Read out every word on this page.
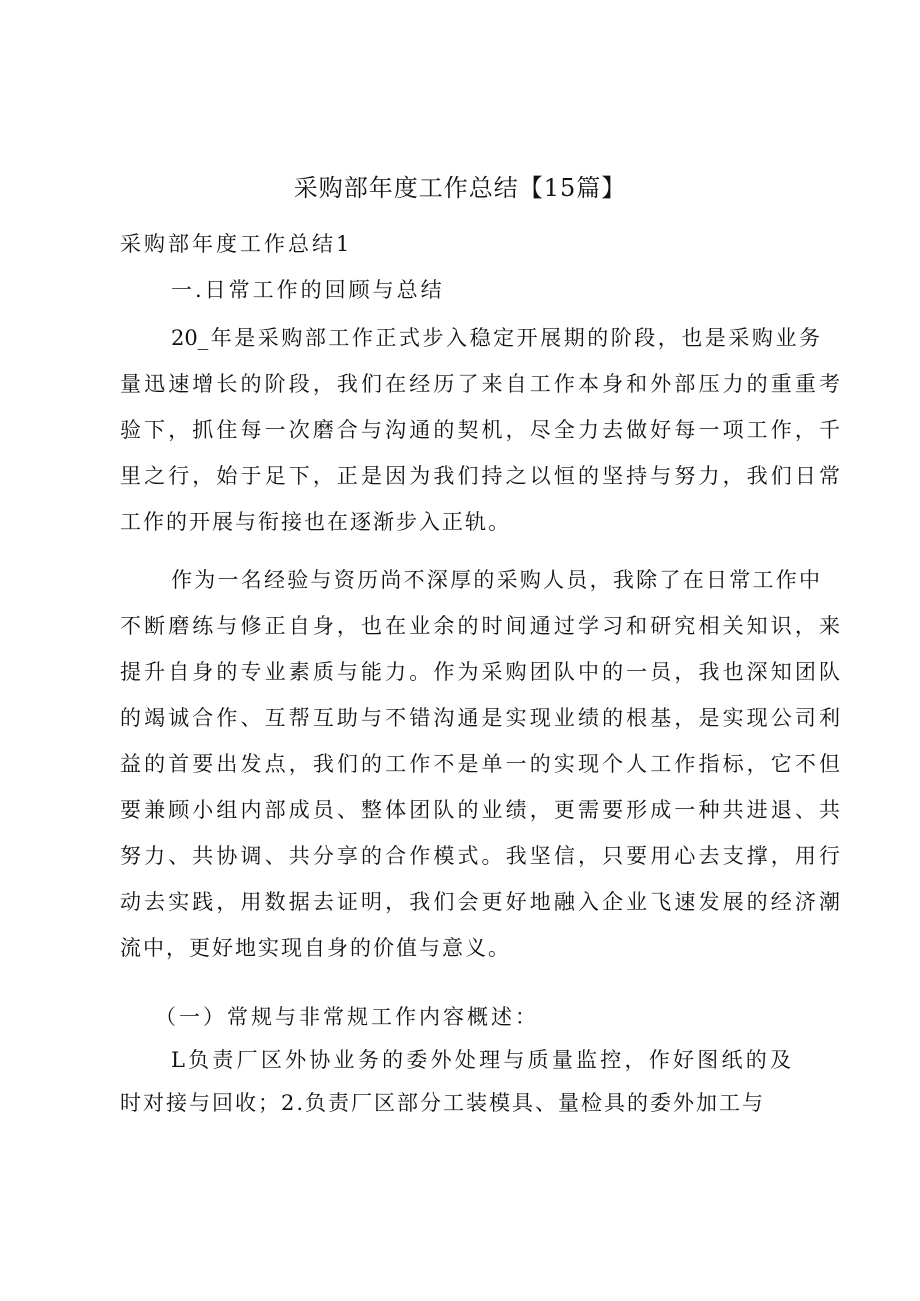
采购部年度工作总结【15篇】
采购部年度工作总结1
一.日常工作的回顾与总结

20_年是采购部工作正式步入稳定开展期的阶段，也是采购业务

量迅速增长的阶段，我们在经历了来自工作本身和外部压力的重重考

验下，抓住每一次磨合与沟通的契机，尽全力去做好每一项工作，千

里之行，始于足下，正是因为我们持之以恒的坚持与努力，我们日常

工作的开展与衔接也在逐渐步入正轨。

作为一名经验与资历尚不深厚的采购人员，我除了在日常工作中

不断磨练与修正自身，也在业余的时间通过学习和研究相关知识，来

提升自身的专业素质与能力。作为采购团队中的一员，我也深知团队

的竭诚合作、互帮互助与不错沟通是实现业绩的根基，是实现公司利

益的首要出发点，我们的工作不是单一的实现个人工作指标，它不但

要兼顾小组内部成员、整体团队的业绩，更需要形成一种共进退、共

努力、共协调、共分享的合作模式。我坚信，只要用心去支撑，用行

动去实践，用数据去证明，我们会更好地融入企业飞速发展的经济潮

流中，更好地实现自身的价值与意义。

（一）常规与非常规工作内容概述：

L负责厂区外协业务的委外处理与质量监控，作好图纸的及

时对接与回收；2.负责厂区部分工装模具、量检具的委外加工与
